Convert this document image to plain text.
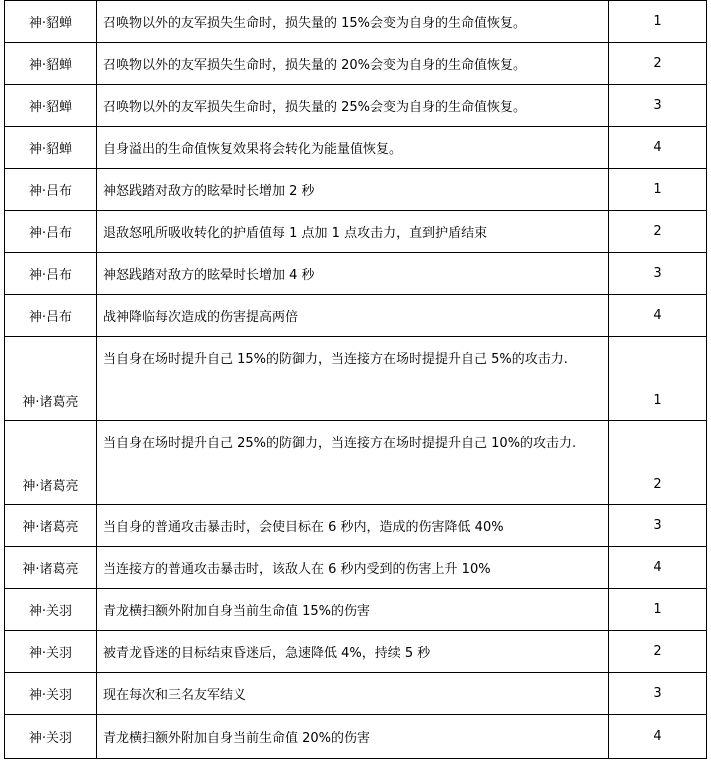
神·貂蝉	召唤物以外的友军损失生命时，损失量的 15%会变为自身的生命值恢复。	1
神·貂蝉	召唤物以外的友军损失生命时，损失量的 20%会变为自身的生命值恢复。	2
神·貂蝉	召唤物以外的友军损失生命时，损失量的 25%会变为自身的生命值恢复。	3
神·貂蝉	自身溢出的生命值恢复效果将会转化为能量值恢复。	4
神·吕布	神怒践踏对敌方的眩晕时长增加 2 秒	1
神·吕布	退敌怒吼所吸收转化的护盾值每 1 点加 1 点攻击力，直到护盾结束	2
神·吕布	神怒践踏对敌方的眩晕时长增加 4 秒	3
神·吕布	战神降临每次造成的伤害提高两倍	4
神·诸葛亮	当自身在场时提升自己 15%的防御力，当连接方在场时提提升自己 5%的攻击力.	1
神·诸葛亮	当自身在场时提升自己 25%的防御力，当连接方在场时提提升自己 10%的攻击力.	2
神·诸葛亮	当自身的普通攻击暴击时，会使目标在 6 秒内，造成的伤害降低 40%	3
神·诸葛亮	当连接方的普通攻击暴击时，该敌人在 6 秒内受到的伤害上升 10%	4
神·关羽	青龙横扫额外附加自身当前生命值 15%的伤害	1
神·关羽	被青龙昏迷的目标结束昏迷后，急速降低 4%，持续 5 秒	2
神·关羽	现在每次和三名友军结义	3
神·关羽	青龙横扫额外附加自身当前生命值 20%的伤害	4
